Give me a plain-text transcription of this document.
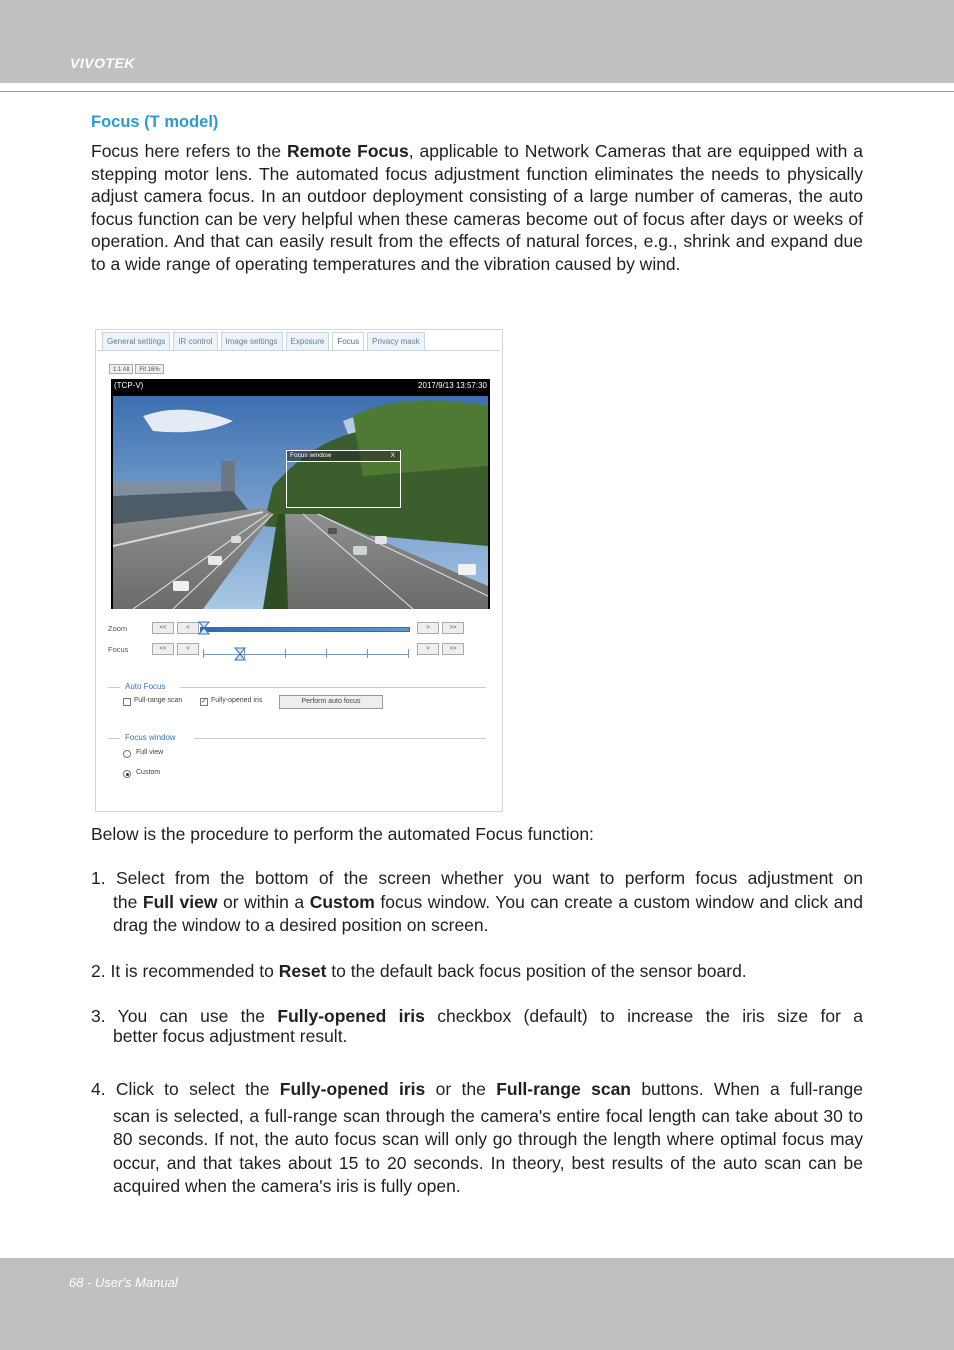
VIVOTEK
Focus (T model)

Focus here refers to the Remote Focus, applicable to Network Cameras that are equipped with a stepping motor lens. The automated focus adjustment function eliminates the needs to physically adjust camera focus. In an outdoor deployment consisting of a large number of cameras, the auto focus function can be very helpful when these cameras become out of focus after days or weeks of operation. And that can easily result from the effects of natural forces, e.g., shrink and expand due to a wide range of operating temperatures and the vibration caused by wind.

General settings	IR control	Image settings	Exposure	Focus	Privacy mask
1:1 All	Fit 16%
(TCP-V)	2017/9/13 13:57:30
Focus window	X
Zoom	<<	<	>	>>
Focus	<<	<	>	>>
Auto Focus
Full-range scan	✓ Fully-opened iris	Perform auto focus
Focus window
Full view
Custom

Below is the procedure to perform the automated Focus function:

1. Select from the bottom of the screen whether you want to perform focus adjustment on
the Full view or within a Custom focus window. You can create a custom window and click and drag the window to a desired position on screen.
2. It is recommended to Reset to the default back focus position of the sensor board.
3. You can use the Fully-opened iris checkbox (default) to increase the iris size for a
better focus adjustment result.
4. Click to select the Fully-opened iris or the Full-range scan buttons. When a full-range
scan is selected, a full-range scan through the camera's entire focal length can take about 30 to 80 seconds. If not, the auto focus scan will only go through the length where optimal focus may occur, and that takes about 15 to 20 seconds. In theory, best results of the auto scan can be acquired when the camera's iris is fully open.
68 - User's Manual
